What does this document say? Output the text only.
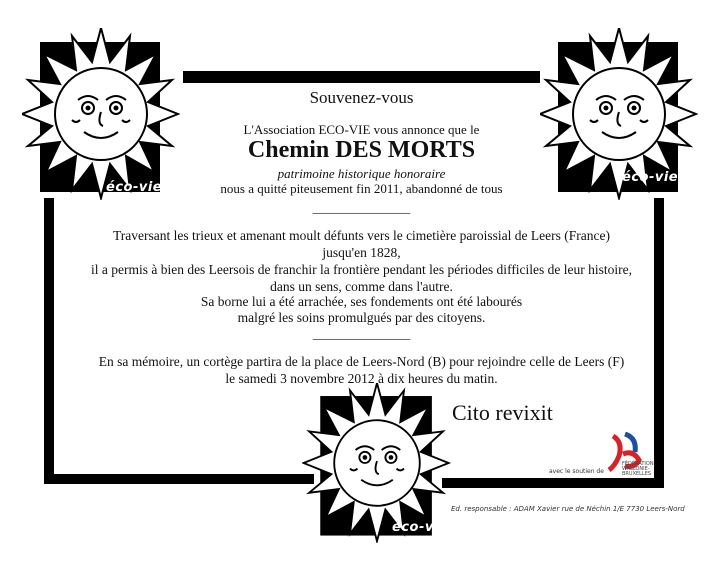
éco-vie
éco-vie
éco-vie
Souvenez-vous
L'Association ECO-VIE vous annonce que le
Chemin DES MORTS
patrimoine historique honoraire
nous a quitté piteusement fin 2011, abandonné de tous
_______________
Traversant les trieux et amenant moult défunts vers le cimetière paroissial de Leers (France)
jusqu'en 1828,
il a permis à bien des Leersois de franchir la frontière pendant les périodes difficiles de leur histoire,
dans un sens, comme dans l'autre.
Sa borne lui a été arrachée, ses fondements ont été labourés
malgré les soins promulgués par des citoyens.
_______________
En sa mémoire, un cortège partira de la place de Leers-Nord (B) pour rejoindre celle de Leers (F)
le samedi 3 novembre 2012 à dix heures du matin.
Cito revixit
avec le soutien de
FÉDÉRATION WALLONIE-BRUXELLES
Ed. responsable : ADAM Xavier rue de Néchin 1/E 7730 Leers-Nord
